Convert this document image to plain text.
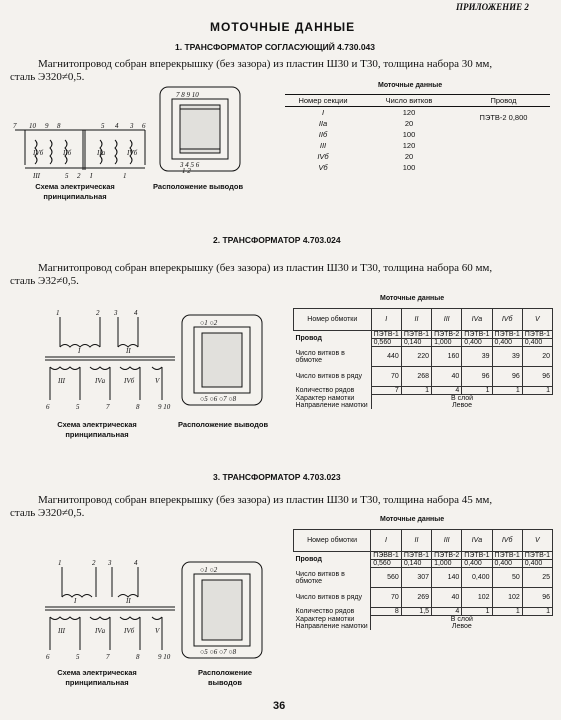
ПРИЛОЖЕНИЕ 2
МОТОЧНЫЕ ДАННЫЕ
1. ТРАНСФОРМАТОР СОГЛАСУЮЩИЙ 4.730.043
Магнитопровод собран вперекрышку (без зазора) из пластин Ш30 и Т30, толщина набора 30 мм,
сталь Э320≠0,5.
7 10 9 8	5 4 3 6
IVб	IIб	IIа	IVб
III	I
5 2	1
Схема электрическая принципиальная
7 8 9 10
3 4 5 6
1 2
Расположение выводов
Моточные данные
Номер секции	Число витков	Провод
I	120	ПЭТВ-2 0,800
IIа	20	
IIб	100	
III	120	
IVб	20	
Vб	100	
2. ТРАНСФОРМАТОР 4.703.024
Магнитопровод собран вперекрышку (без зазора) из пластин Ш30 и Т30, толщина набора 60 мм,
сталь Э32≠0,5.
1	2 3 4
I	II
III	IVа	IVб	V
6	5	7	8	9 10
Схема электрическая принципиальная
○1 ○2
○5 ○6 ○7 ○8
Расположение выводов
Моточные данные
Номер обмотки	I	II	III	IVа	IVб	V
Провод	ПЭТВ-1	ПЭТВ-1	ПЭТВ-2	ПЭТВ-1	ПЭТВ-1	ПЭТВ-1
	0,560	0,140	1,000	0,400	0,400	0,400
Число витков в обмотке	440	220	160	39	39	20
Число витков в ряду	70	268	40	96	96	96
Количество рядов	7	1	4	1	1	1
Характер намотки	В слой					
Направление намотки	Левое					
3. ТРАНСФОРМАТОР 4.703.023
Магнитопровод собран вперекрышку (без зазора) из пластин Ш30 и Т30, толщина набора 45 мм,
сталь Э320≠0,5.
1	2 3	4
I	II
III	IVа	IVб	V
6	5	7	8	9 10
Схема электрическая принципиальная
○1 ○2
○5 ○6 ○7 ○8
Расположение выводов
Моточные данные
Номер обмотки	I	II	III	IVа	IVб	V
Провод	ПЭВВ-1	ПЭТВ-1	ПЭТВ-2	ПЭТВ-1	ПЭТВ-1	ПЭТВ-1
	0,560	0,140	1,000	0,400	0,400	0,400
Число витков в обмотке	560	307	140	0,400	50	25
Число витков в ряду	70	269	40	102	102	96
Количество рядов	8	1,5	4	1	1	1
Характер намотки	В слой					
Направление намотки	Левое					
36
